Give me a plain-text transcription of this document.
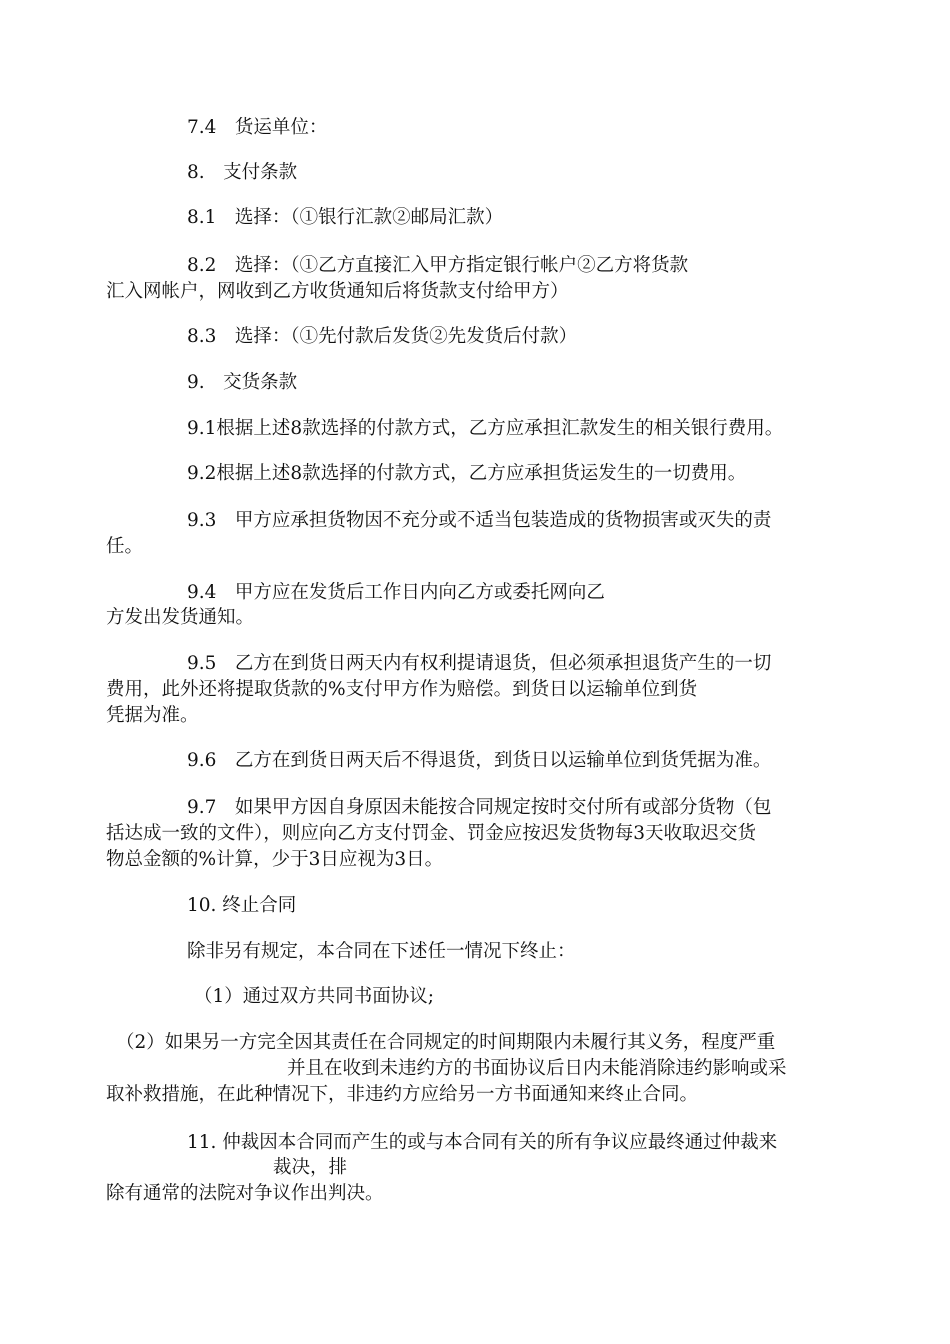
7.4　货运单位：
8.　支付条款
8.1　选择：（①银行汇款②邮局汇款）
8.2　选择：（①乙方直接汇入甲方指定银行帐户②乙方将货款
汇入网帐户，网收到乙方收货通知后将货款支付给甲方）
8.3　选择：（①先付款后发货②先发货后付款）
9.　交货条款
9.1根据上述8款选择的付款方式，乙方应承担汇款发生的相关银行费用。
9.2根据上述8款选择的付款方式，乙方应承担货运发生的一切费用。
9.3　甲方应承担货物因不充分或不适当包装造成的货物损害或灭失的责
任。
9.4　甲方应在发货后工作日内向乙方或委托网向乙
方发出发货通知。
9.5　乙方在到货日两天内有权利提请退货，但必须承担退货产生的一切
费用，此外还将提取货款的%支付甲方作为赔偿。到货日以运输单位到货
凭据为准。
9.6　乙方在到货日两天后不得退货，到货日以运输单位到货凭据为准。
9.7　如果甲方因自身原因未能按合同规定按时交付所有或部分货物（包
括达成一致的文件），则应向乙方支付罚金、罚金应按迟发货物每3天收取迟交货
物总金额的%计算，少于3日应视为3日。
10. 终止合同
除非另有规定，本合同在下述任一情况下终止：
（1）通过双方共同书面协议;
（2）如果另一方完全因其责任在合同规定的时间期限内未履行其义务，程度严重
并且在收到未违约方的书面协议后日内未能消除违约影响或采
取补救措施，在此种情况下，非违约方应给另一方书面通知来终止合同。
11. 仲裁因本合同而产生的或与本合同有关的所有争议应最终通过仲裁来
裁决，排
除有通常的法院对争议作出判决。
